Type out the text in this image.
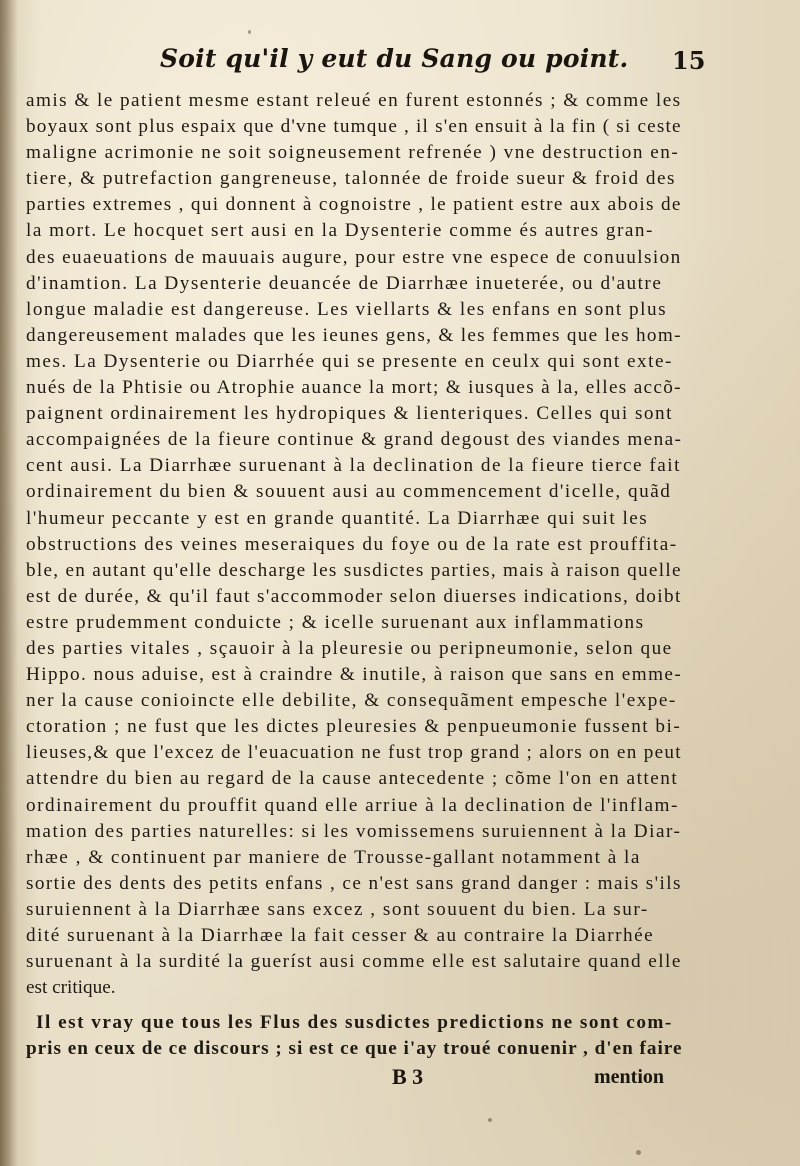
Soit qu'il y eut du Sang ou point. 15
amis & le patient mesme estant releué en furent estonnés ; & comme les
boyaux sont plus espaix que d'vne tumque , il s'en ensuit à la fin ( si ceste
maligne acrimonie ne soit soigneusement refrenée ) vne destruction en-
tiere, & putrefaction gangreneuse, talonnée de froide sueur & froid des
parties extremes , qui donnent à cognoistre , le patient estre aux abois de
la mort. Le hocquet sert ausi en la Dysenterie comme és autres gran-
des euaeuations de mauuais augure, pour estre vne espece de conuulsion
d'inamtion. La Dysenterie deuancée de Diarrhæe inueterée, ou d'autre
longue maladie est dangereuse. Les viellarts & les enfans en sont plus
dangereusement malades que les ieunes gens, & les femmes que les hom-
mes. La Dysenterie ou Diarrhée qui se presente en ceulx qui sont exte-
nués de la Phtisie ou Atrophie auance la mort; & iusques à la, elles accõ-
paignent ordinairement les hydropiques & lienteriques. Celles qui sont
accompaignées de la fieure continue & grand degoust des viandes mena-
cent ausi. La Diarrhæe suruenant à la declination de la fieure tierce fait
ordinairement du bien & souuent ausi au commencement d'icelle, quãd
l'humeur peccante y est en grande quantité. La Diarrhæe qui suit les
obstructions des veines meseraiques du foye ou de la rate est prouffita-
ble, en autant qu'elle descharge les susdictes parties, mais à raison quelle
est de durée, & qu'il faut s'accommoder selon diuerses indications, doibt
estre prudemment conduicte ; & icelle suruenant aux inflammations
des parties vitales , sçauoir à la pleuresie ou peripneumonie, selon que
Hippo. nous aduise, est à craindre & inutile, à raison que sans en emme-
ner la cause conioincte elle debilite, & consequãment empesche l'expe-
ctoration ; ne fust que les dictes pleuresies & penpueumonie fussent bi-
lieuses,& que l'excez de l'euacuation ne fust trop grand ; alors on en peut
attendre du bien au regard de la cause antecedente ; cõme l'on en attent
ordinairement du prouffit quand elle arriue à la declination de l'inflam-
mation des parties naturelles: si les vomissemens suruiennent à la Diar-
rhæe , & continuent par maniere de Trousse-gallant notamment à la
sortie des dents des petits enfans , ce n'est sans grand danger : mais s'ils
suruiennent à la Diarrhæe sans excez , sont souuent du bien. La sur-
dité suruenant à la Diarrhæe la fait cesser & au contraire la Diarrhée
suruenant à la surdité la gueríst ausi comme elle est salutaire quand elle
est critique.
Il est vray que tous les Flus des susdictes predictions ne sont com-
pris en ceux de ce discours ; si est ce que i'ay troué conuenir , d'en faire
B 3	mention
